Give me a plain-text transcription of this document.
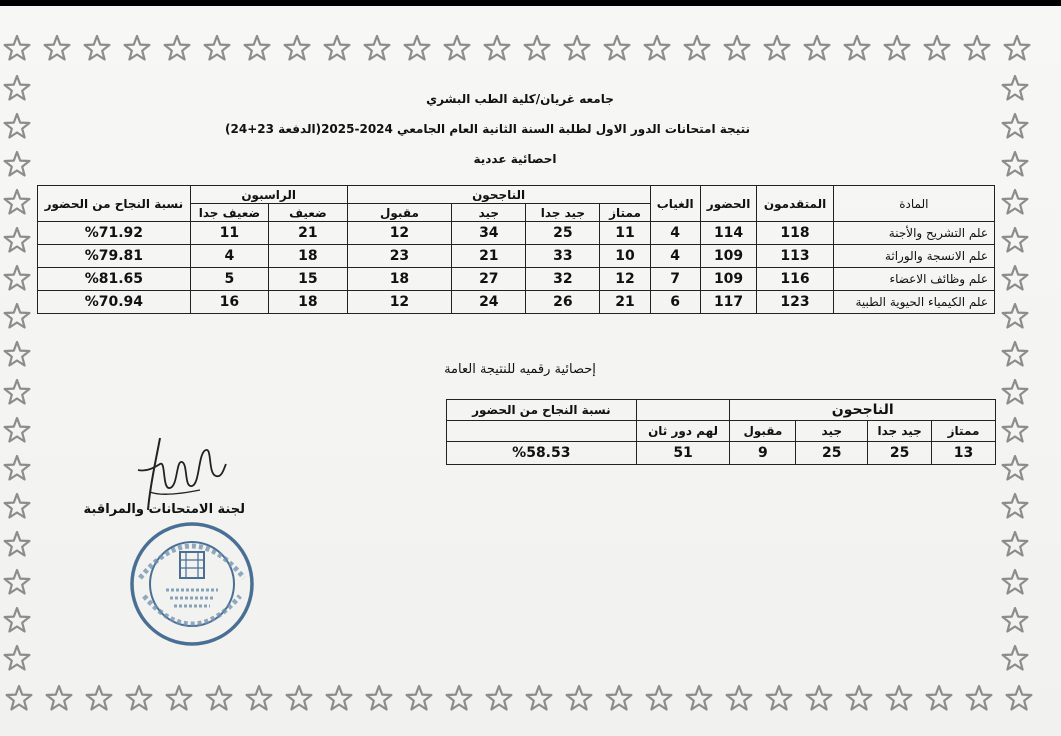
جامعه غريان/كلية الطب البشري
نتيجة امتحانات الدور الاول لطلبة السنة الثانية العام الجامعي 2024-2025(الدفعة 23+24)
احصائية عددية
المادة	المتقدمون	الحضور	الغياب	الناجحون				الراسبون		نسبة النجاح من الحضور
				ممتاز	جيد جدا	جيد	مقبول	ضعيف	ضعيف جدا	
علم التشريح والأجنة	118	114	4	11	25	34	12	21	11	%71.92
علم الانسجة والوراثة	113	109	4	10	33	21	23	18	4	%79.81
علم وظائف الاعضاء	116	109	7	12	32	27	18	15	5	%81.65
علم الكيمياء الحيوية الطبية	123	117	6	21	26	24	12	18	16	%70.94
إحصائية رقميه للنتيجة العامة
الناجحون					نسبة النجاح من الحضور
ممتاز	جيد جدا	جيد	مقبول	لهم دور ثان	
13	25	25	9	51	%58.53
لجنة الامتحانات والمراقبة
